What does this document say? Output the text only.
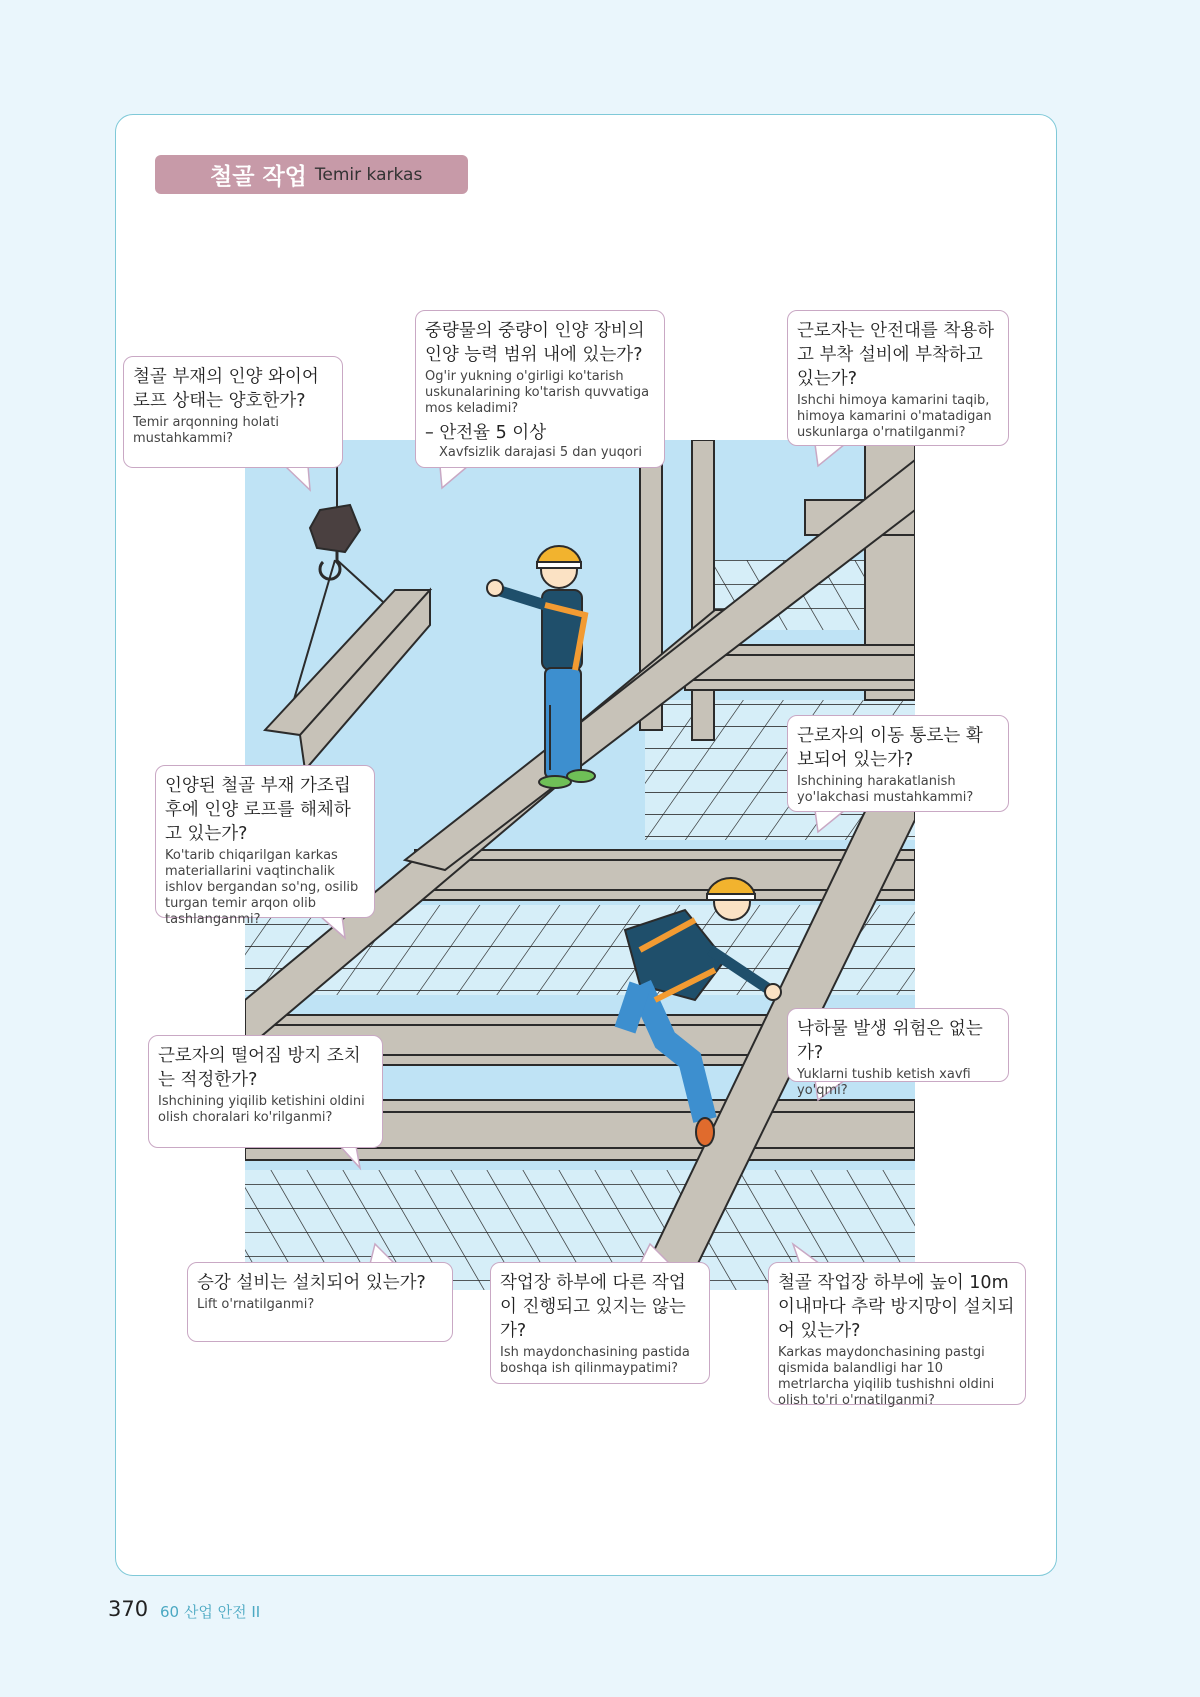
철골 작업 Temir karkas
철골 부재의 인양 와이어로프 상태는 양호한가?
Temir arqonning holati mustahkammi?
중량물의 중량이 인양 장비의 인양 능력 범위 내에 있는가?
Og'ir yukning o'girligi ko'tarish uskunalarining ko'tarish quvvatiga mos keladimi?
– 안전율 5 이상
Xavfsizlik darajasi 5 dan yuqori
근로자는 안전대를 착용하고 부착 설비에 부착하고 있는가?
Ishchi himoya kamarini taqib, himoya kamarini o'matadigan uskunlarga o'rnatilganmi?
근로자의 이동 통로는 확보되어 있는가?
Ishchining harakatlanish yo'lakchasi mustahkammi?
인양된 철골 부재 가조립 후에 인양 로프를 해체하고 있는가?
Ko'tarib chiqarilgan karkas materiallarini vaqtinchalik ishlov bergandan so'ng, osilib turgan temir arqon olib tashlanganmi?
낙하물 발생 위험은 없는가?
Yuklarni tushib ketish xavfi yo'qmi?
근로자의 떨어짐 방지 조치는 적정한가?
Ishchining yiqilib ketishini oldini olish choralari ko'rilganmi?
승강 설비는 설치되어 있는가?
Lift o'rnatilganmi?
작업장 하부에 다른 작업이 진행되고 있지는 않는가?
Ish maydonchasining pastida boshqa ish qilinmaypatimi?
철골 작업장 하부에 높이 10m 이내마다 추락 방지망이 설치되어 있는가?
Karkas maydonchasining pastgi qismida balandligi har 10 metrlarcha yiqilib tushishni oldini olish to'ri o'rnatilganmi?
370 60 산업 안전 II
